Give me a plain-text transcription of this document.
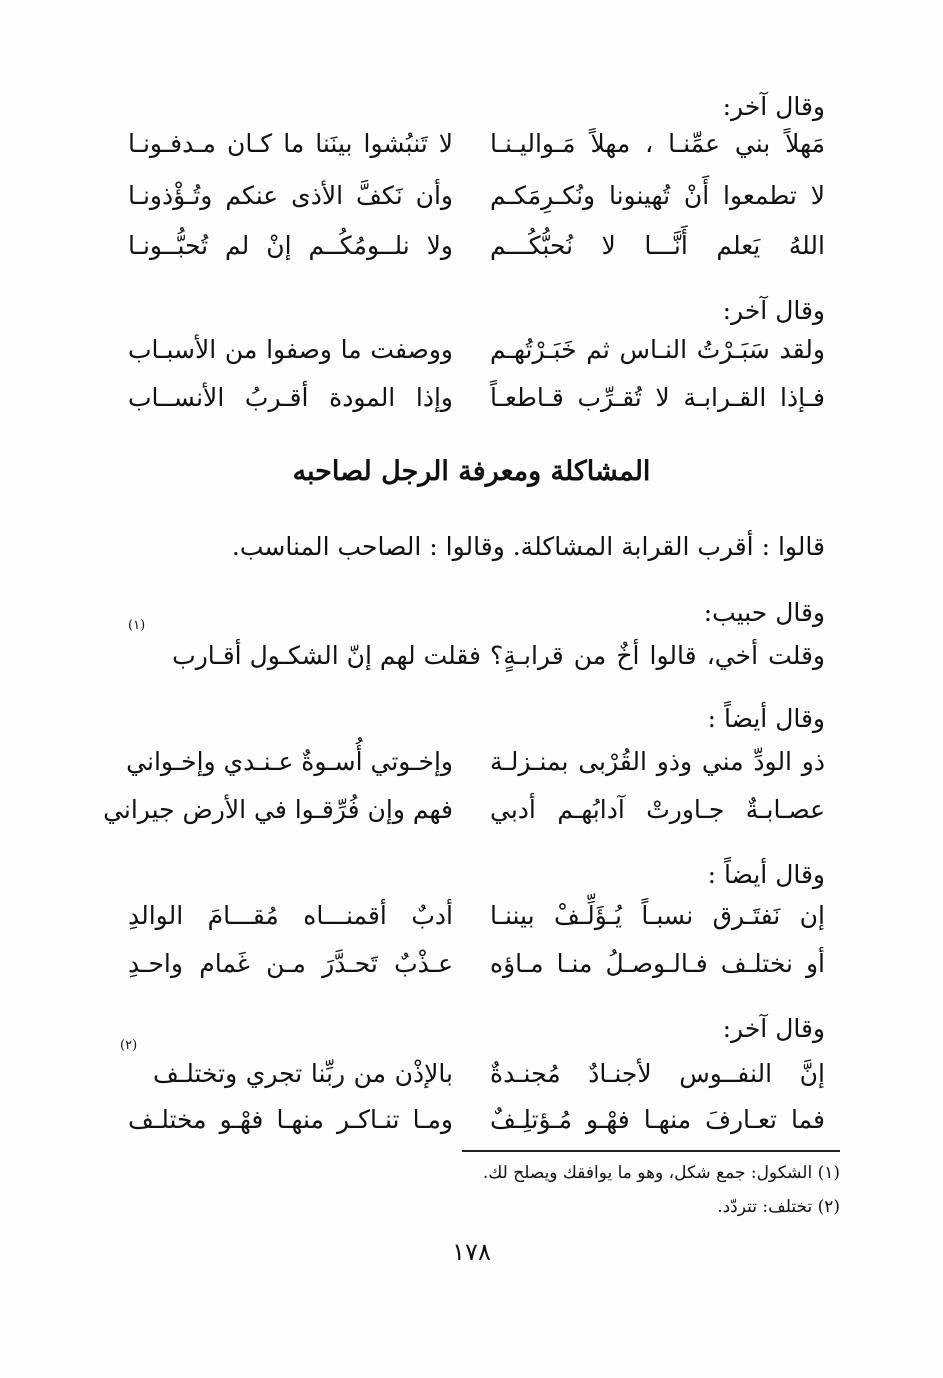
وقال آخر:
مَهلاً بني عمِّنـا ، مهلاً مَـواليـنـا
لا تَنبُشوا بينَنا ما كـان مـدفـونـا
لا تطمعوا أَنْ تُهينونا ونُكـرِمَكـم
وأن نَكفَّ الأذى عنكم وتُـؤْذونـا
اللهُ يَعلم أَنَّـــا لا نُحبُّكُـــم
ولا نلــومُكُــم إنْ لم تُحبُّــونـا
وقال آخر:
ولقد سَبَـرْتُ النـاس ثم خَبَـرْتُهـم
ووصفت ما وصفوا من الأسبـاب
فـإذا القـرابـة لا تُقـرِّب قـاطعـاً
وإذا المودة أقـربُ الأنســاب
المشاكلة ومعرفة الرجل لصاحبه
قالوا : أقرب القرابة المشاكلة. وقالوا : الصاحب المناسب.
وقال حبيب:
وقلت أخي، قالوا أخٌ من قرابـةٍ؟
فقلت لهم إنّ الشكـول أقـارب
(١)
وقال أيضاً :
ذو الودِّ مني وذو القُرْبى بمنـزلـة
وإخـوتي أُسـوةٌ عـنـدي وإخـواني
عصـابـةٌ جـاورتْ آدابُهـم أدبي
فهم وإن فُرِّقـوا في الأرض جيراني
وقال أيضاً :
إن نَفتَـرق نسبـاً يُـؤَلِّـفْ بيننـا
أدبٌ أقمنـــاه مُقـــامَ الوالدِ
أو نختلـف فـالـوصـلُ منـا مـاؤه
عـذْبٌ تَحـدَّرَ مـن غَمام واحـدِ
وقال آخر:
إنَّ النفــوس لأجنـادٌ مُجنـدةٌ
بالإذْن من ربِّنا تجري وتختلـف
(٢)
فما تعـارفَ منهـا فهْـو مُـؤتلِـفٌ
ومـا تنـاكـر منهـا فهْـو مختلـف
(١) الشكول: جمع شكل، وهو ما يوافقك ويصلح لك.
(٢) تختلف: تتردّد.
١٧٨
